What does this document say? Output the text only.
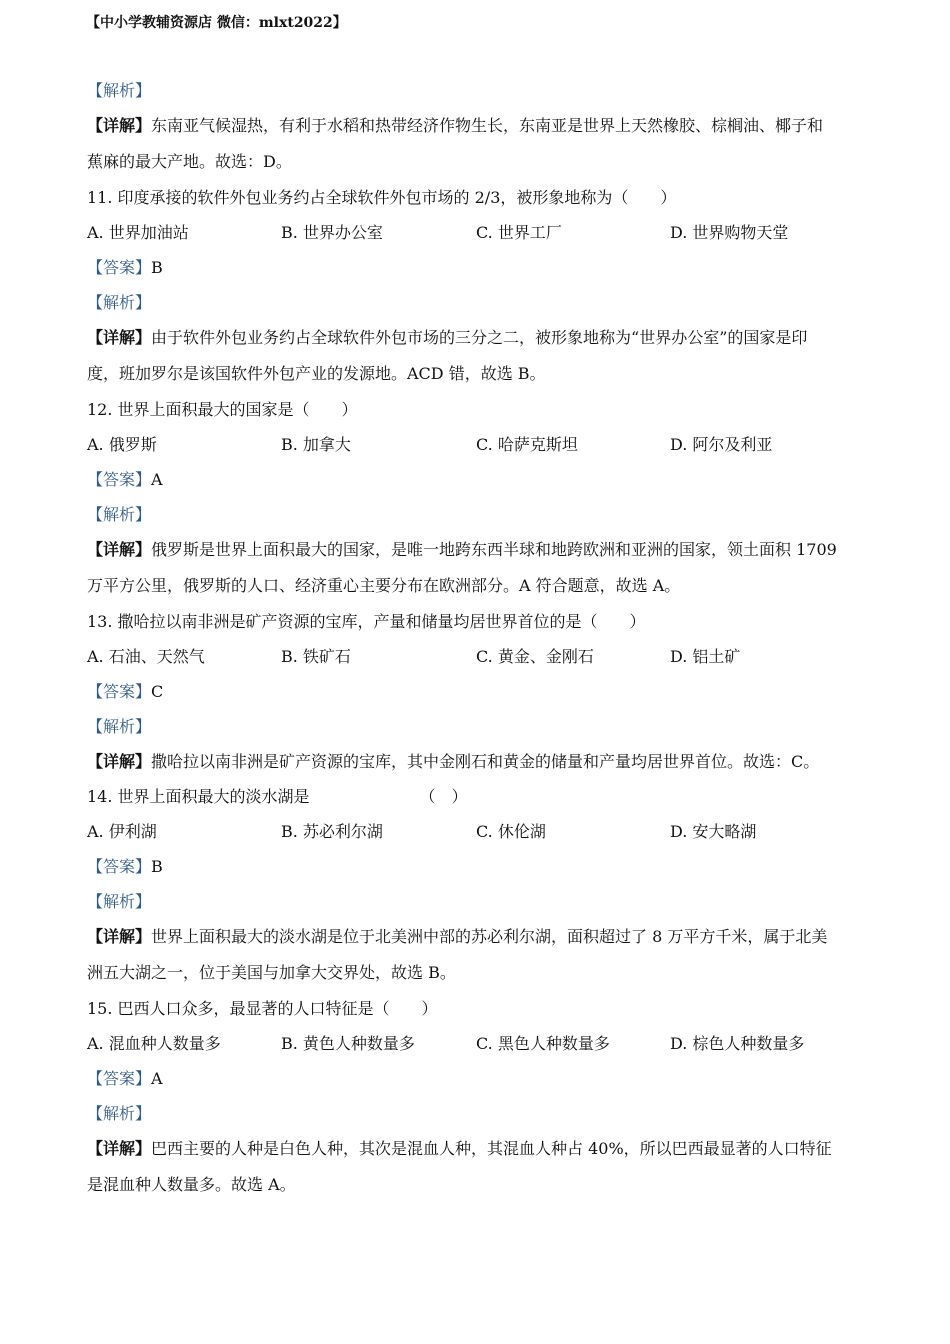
【中小学教辅资源店 微信：mlxt2022】
【解析】
【详解】东南亚气候湿热，有利于水稻和热带经济作物生长，东南亚是世界上天然橡胶、棕榈油、椰子和
蕉麻的最大产地。故选：D。
11. 印度承接的软件外包业务约占全球软件外包市场的 2/3，被形象地称为（　　）
A. 世界加油站	B. 世界办公室	C. 世界工厂	D. 世界购物天堂
【答案】B
【解析】
【详解】由于软件外包业务约占全球软件外包市场的三分之二，被形象地称为“世界办公室”的国家是印
度，班加罗尔是该国软件外包产业的发源地。ACD 错，故选 B。
12. 世界上面积最大的国家是（　　）
A. 俄罗斯	B. 加拿大	C. 哈萨克斯坦	D. 阿尔及利亚
【答案】A
【解析】
【详解】俄罗斯是世界上面积最大的国家，是唯一地跨东西半球和地跨欧洲和亚洲的国家，领土面积 1709
万平方公里，俄罗斯的人口、经济重心主要分布在欧洲部分。A 符合题意，故选 A。
13. 撒哈拉以南非洲是矿产资源的宝库，产量和储量均居世界首位的是（　　）
A. 石油、天然气	B. 铁矿石	C. 黄金、金刚石	D. 铝土矿
【答案】C
【解析】
【详解】撒哈拉以南非洲是矿产资源的宝库，其中金刚石和黄金的储量和产量均居世界首位。故选：C。
14. 世界上面积最大的淡水湖是	（　）
A. 伊利湖	B. 苏必利尔湖	C. 休伦湖	D. 安大略湖
【答案】B
【解析】
【详解】世界上面积最大的淡水湖是位于北美洲中部的苏必利尔湖，面积超过了 8 万平方千米，属于北美
洲五大湖之一，位于美国与加拿大交界处，故选 B。
15. 巴西人口众多，最显著的人口特征是（　　）
A. 混血种人数量多	B. 黄色人种数量多	C. 黑色人种数量多	D. 棕色人种数量多
【答案】A
【解析】
【详解】巴西主要的人种是白色人种，其次是混血人种，其混血人种占 40%，所以巴西最显著的人口特征
是混血种人数量多。故选 A。
